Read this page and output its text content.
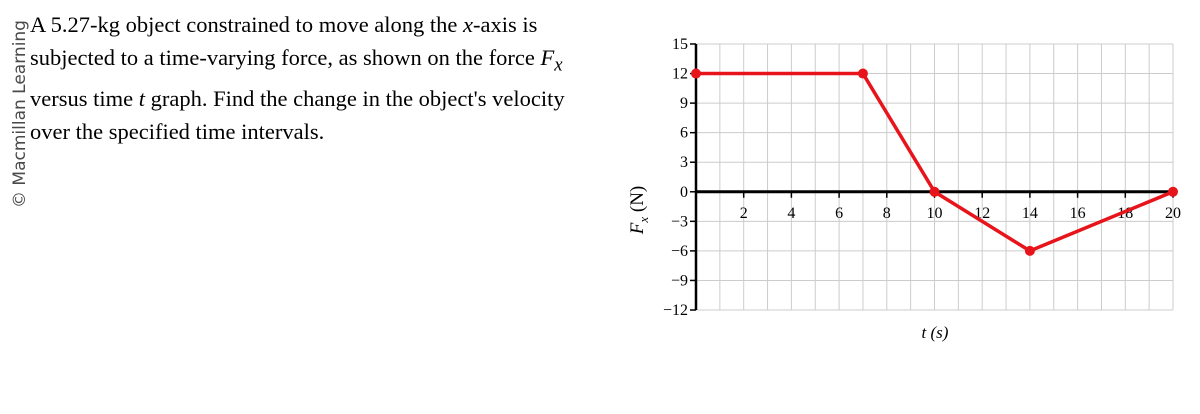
© Macmillan Learning A 5.27-kg object constrained to move along the x-axis is subjected to a time-varying force, as shown on the force $F_x$ versus time t graph. Find the change in the object's velocity over the specified time intervals.

15
12
9
6
3
0
−3
−6
−9
−12
2 4 6 8 10 12 14 16 18 20
t (s)
$F_x$ (N)
